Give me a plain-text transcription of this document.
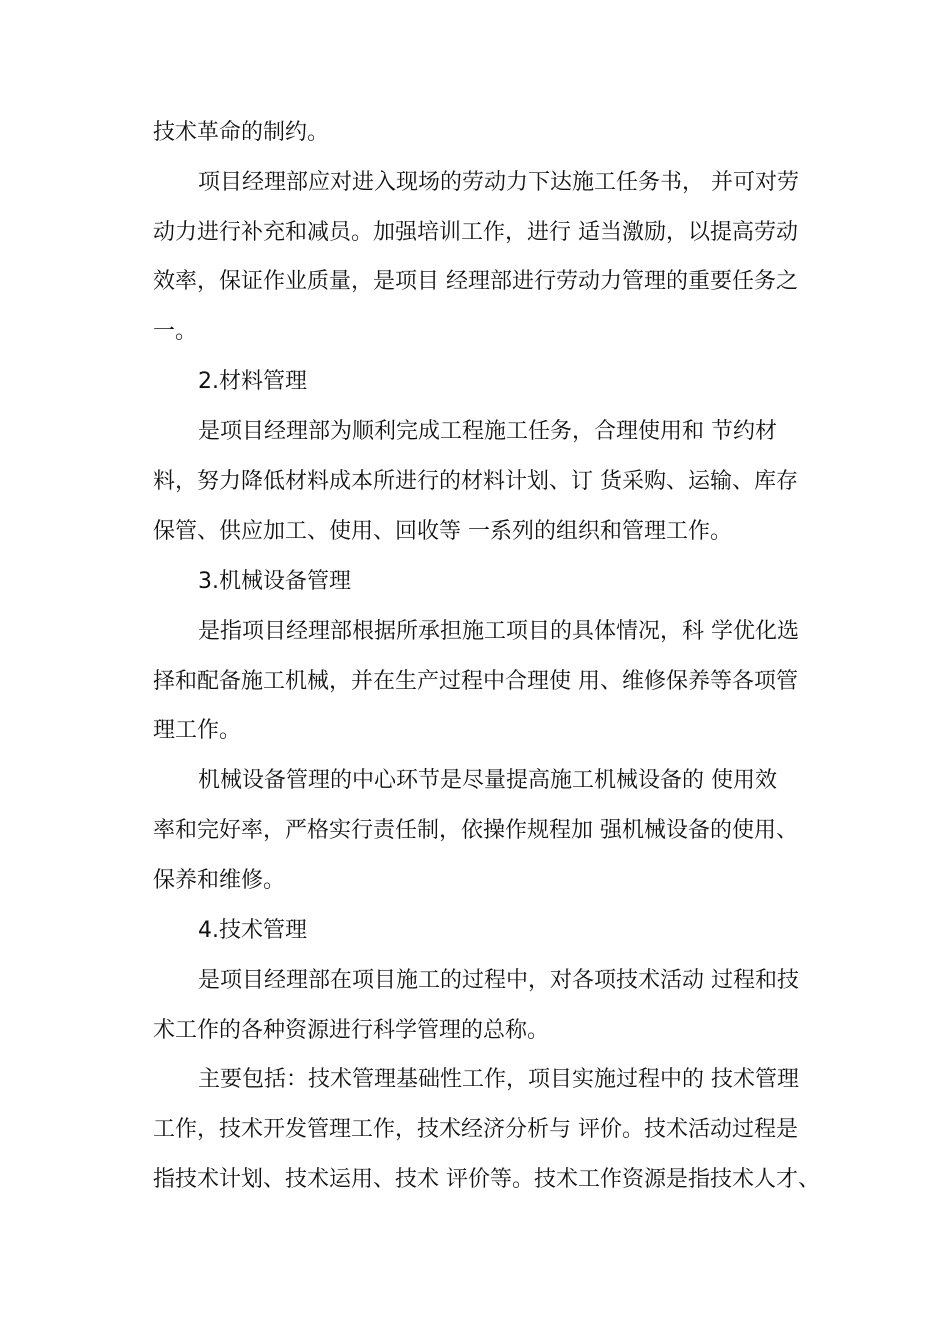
技术革命的制约。
项目经理部应对进入现场的劳动力下达施工任务书， 并可对劳
动力进行补充和减员。加强培训工作，进行 适当激励，以提高劳动
效率，保证作业质量，是项目 经理部进行劳动力管理的重要任务之
一。
2.材料管理
是项目经理部为顺利完成工程施工任务，合理使用和 节约材
料，努力降低材料成本所进行的材料计划、订 货采购、运输、库存
保管、供应加工、使用、回收等 一系列的组织和管理工作。
3.机械设备管理
是指项目经理部根据所承担施工项目的具体情况，科 学优化选
择和配备施工机械，并在生产过程中合理使 用、维修保养等各项管
理工作。
机械设备管理的中心环节是尽量提高施工机械设备的 使用效
率和完好率，严格实行责任制，依操作规程加 强机械设备的使用、
保养和维修。
4.技术管理
是项目经理部在项目施工的过程中，对各项技术活动 过程和技
术工作的各种资源进行科学管理的总称。
主要包括：技术管理基础性工作，项目实施过程中的 技术管理
工作，技术开发管理工作，技术经济分析与 评价。技术活动过程是
指技术计划、技术运用、技术 评价等。技术工作资源是指技术人才、
